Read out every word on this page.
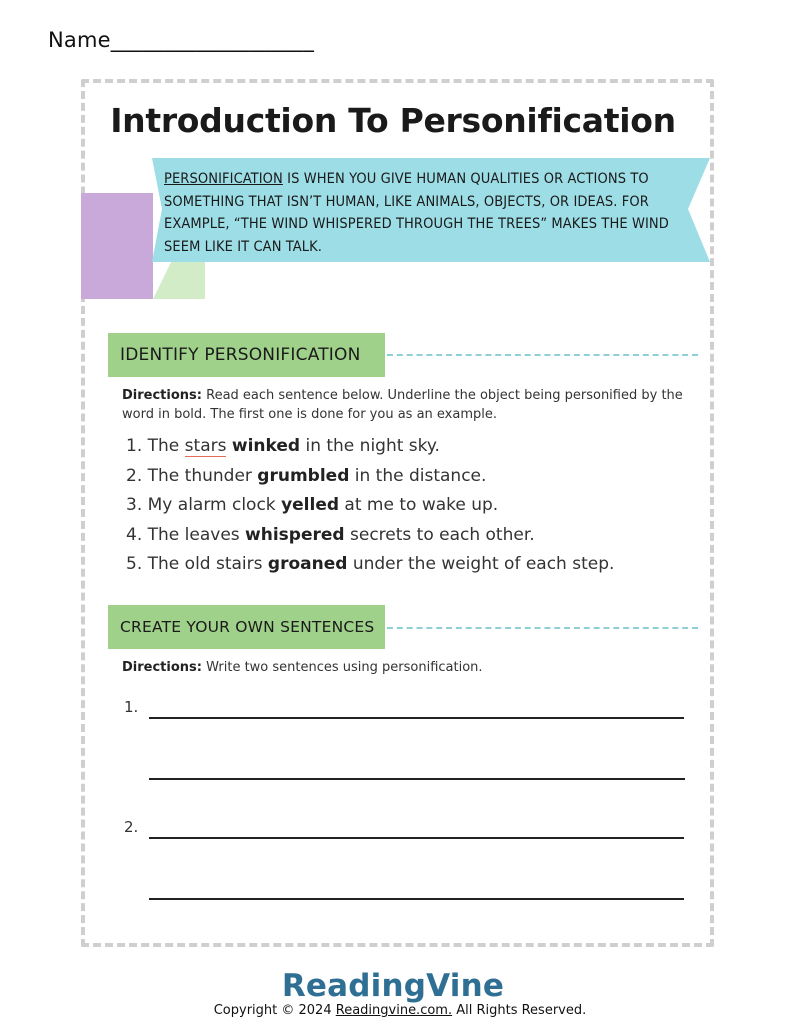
Name___________________
Introduction To Personification
PERSONIFICATION IS WHEN YOU GIVE HUMAN QUALITIES OR ACTIONS TO SOMETHING THAT ISN’T HUMAN, LIKE ANIMALS, OBJECTS, OR IDEAS. FOR EXAMPLE, “THE WIND WHISPERED THROUGH THE TREES” MAKES THE WIND SEEM LIKE IT CAN TALK.
IDENTIFY PERSONIFICATION
Directions: Read each sentence below. Underline the object being personified by the word in bold. The first one is done for you as an example.
1. The stars winked in the night sky.
2. The thunder grumbled in the distance.
3. My alarm clock yelled at me to wake up.
4. The leaves whispered secrets to each other.
5. The old stairs groaned under the weight of each step.
CREATE YOUR OWN SENTENCES
Directions: Write two sentences using personification.
1.
2.
ReadingVine
Copyright © 2024 Readingvine.com. All Rights Reserved.
